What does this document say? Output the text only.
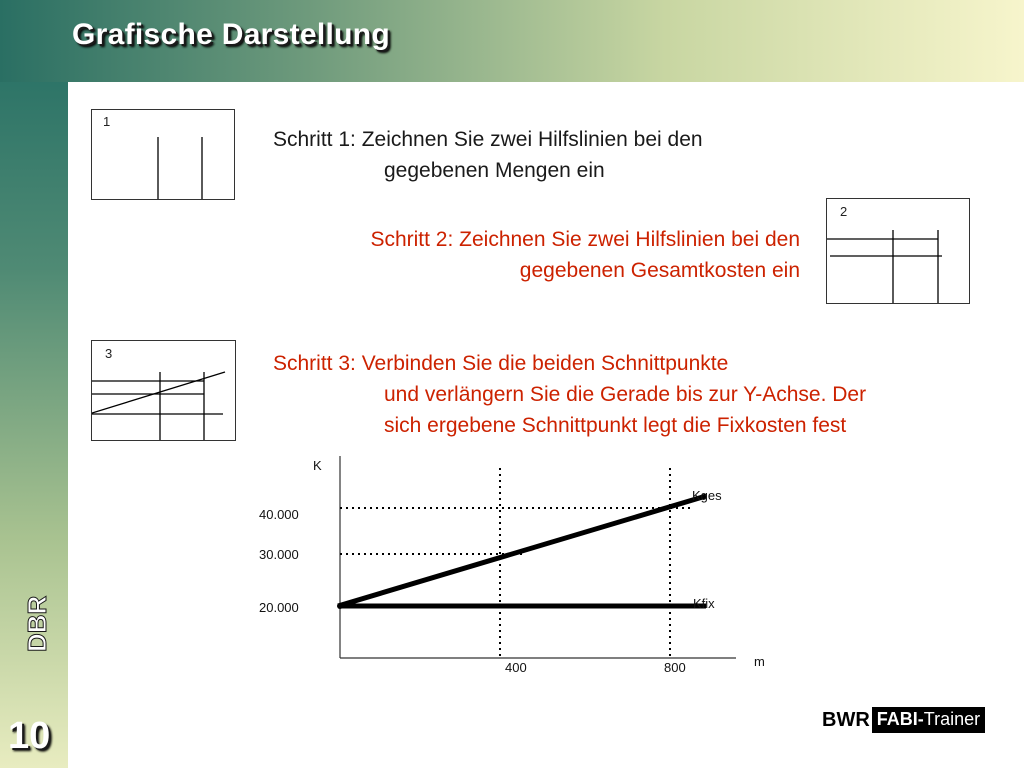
Grafische Darstellung
DBR
10
1
2
3
Schritt 1: Zeichnen Sie zwei Hilfslinien bei den
gegebenen Mengen ein
Schritt 2: Zeichnen Sie zwei Hilfslinien bei den
gegebenen Gesamtkosten ein
Schritt 3: Verbinden Sie die beiden Schnittpunkte
und verlängern Sie die Gerade bis zur Y-Achse. Der
sich ergebene Schnittpunkt legt die Fixkosten fest
K
m
40.000
30.000
20.000
400	800
Kges
Kfix
BWR FABI- Trainer
